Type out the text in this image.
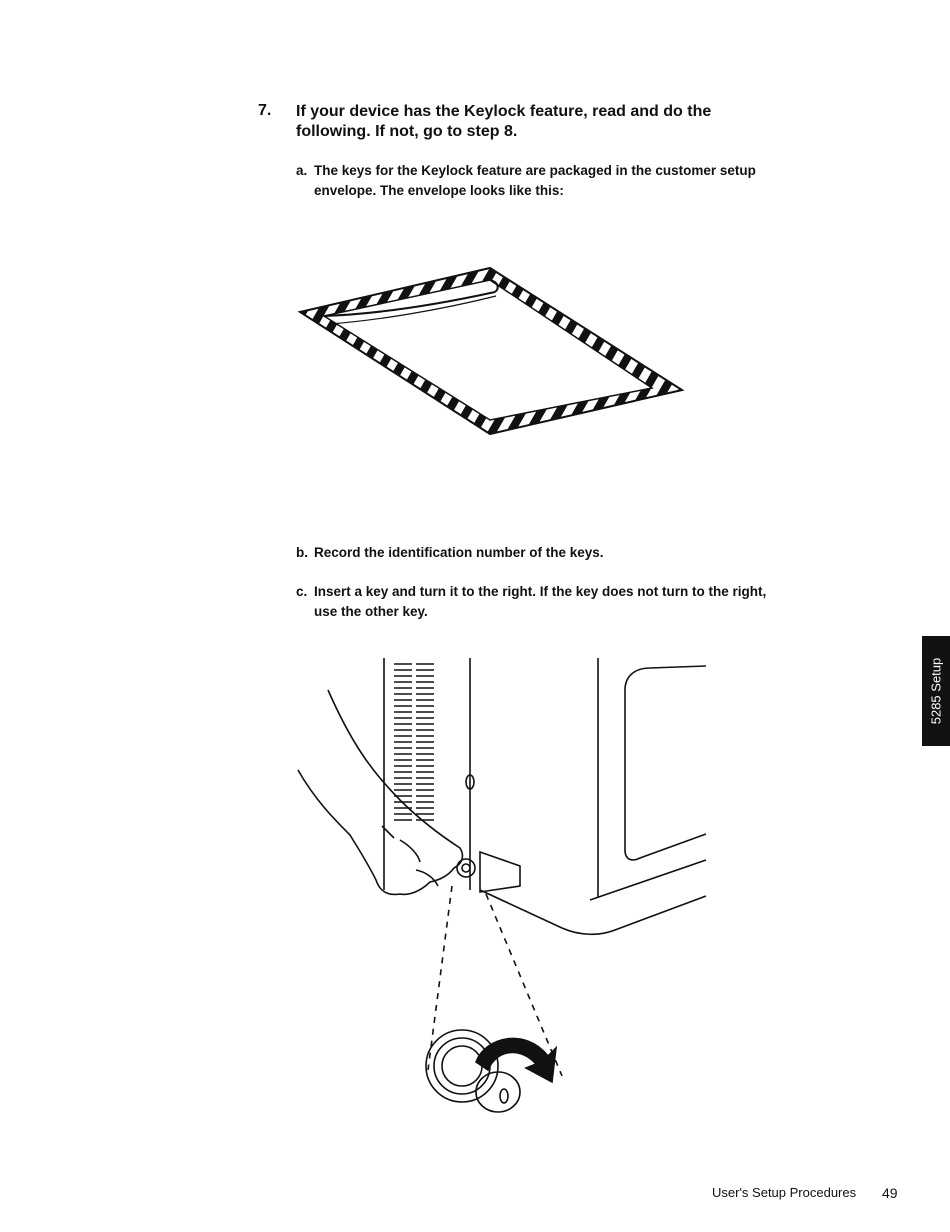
7. If your device has the Keylock feature, read and do the following. If not, go to step 8.
a. The keys for the Keylock feature are packaged in the customer setup envelope. The envelope looks like this:
b. Record the identification number of the keys.
c. Insert a key and turn it to the right. If the key does not turn to the right, use the other key.
5285 Setup
User's Setup Procedures 49
